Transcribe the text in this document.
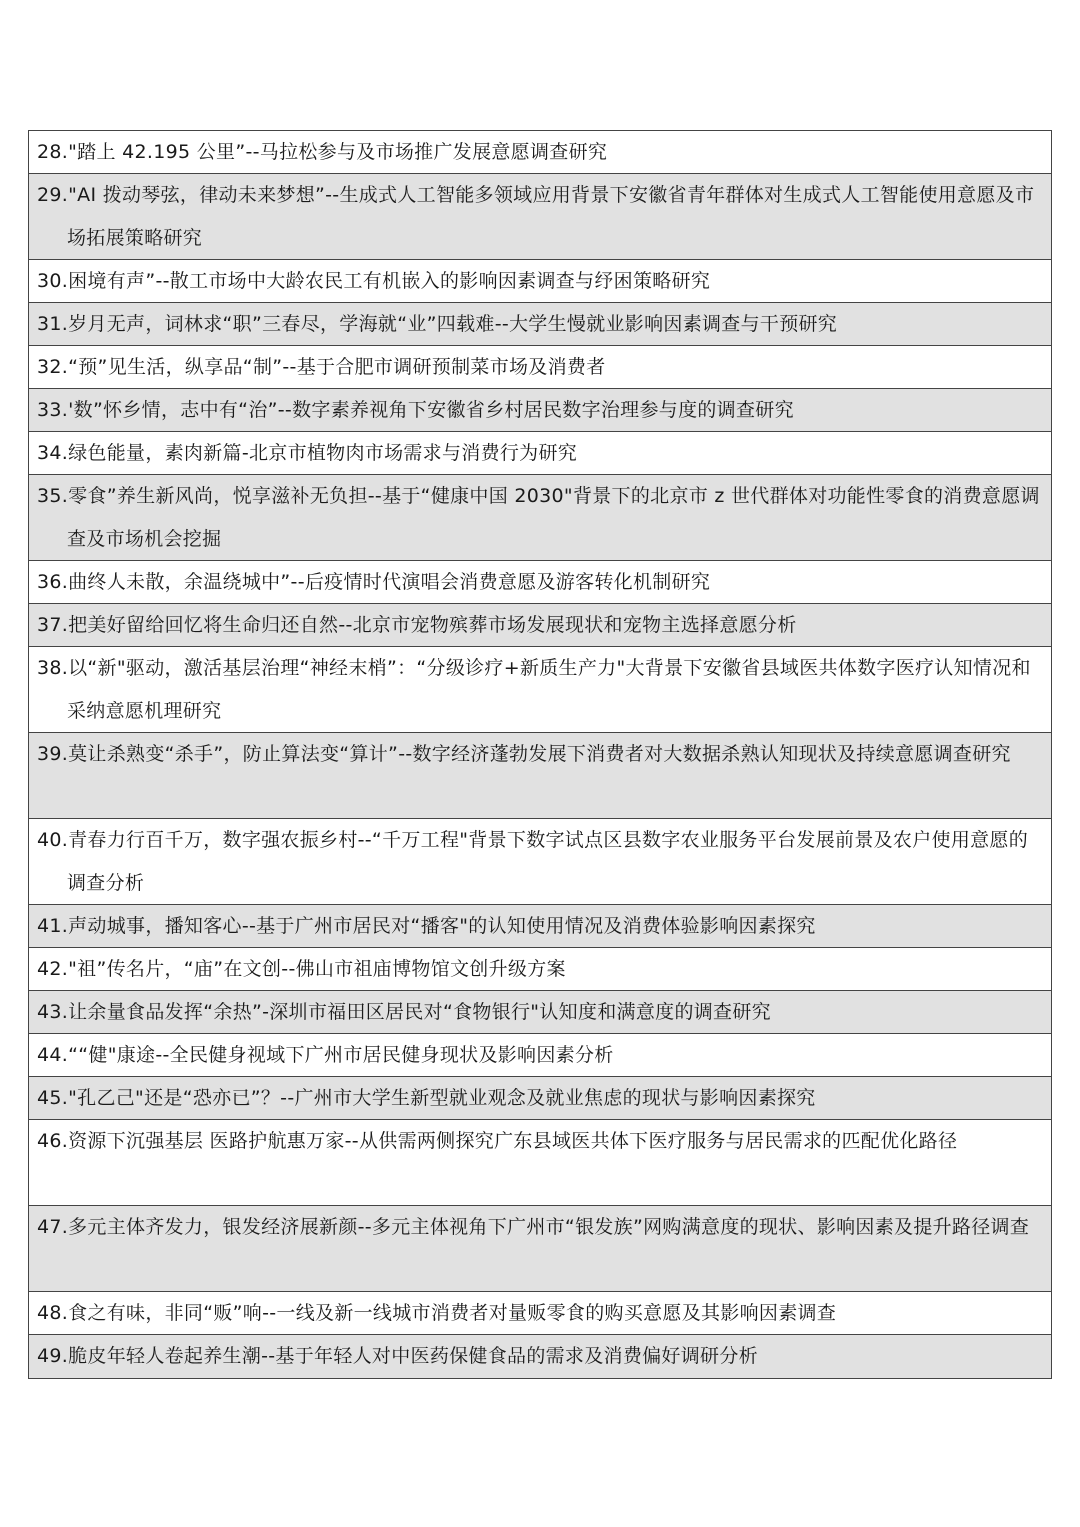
28."踏上 42.195 公里”--马拉松参与及市场推广发展意愿调查研究
29."AI 拨动琴弦，律动未来梦想”--生成式人工智能多领域应用背景下安徽省青年群体对生成式人工智能使用意愿及市场拓展策略研究
30.困境有声”--散工市场中大龄农民工有机嵌入的影响因素调查与纾困策略研究
31.岁月无声，词林求“职”三春尽，学海就“业”四载难--大学生慢就业影响因素调查与干预研究
32.“预”见生活，纵享品“制”--基于合肥市调研预制菜市场及消费者
33.'数”怀乡情，志中有“治”--数字素养视角下安徽省乡村居民数字治理参与度的调查研究
34.绿色能量，素肉新篇-北京市植物肉市场需求与消费行为研究
35.零食”养生新风尚，悦享滋补无负担--基于“健康中国 2030"背景下的北京市 z 世代群体对功能性零食的消费意愿调查及市场机会挖掘
36.曲终人未散，余温绕城中”--后疫情时代演唱会消费意愿及游客转化机制研究
37.把美好留给回忆将生命归还自然--北京市宠物殡葬市场发展现状和宠物主选择意愿分析
38.以“新"驱动，激活基层治理“神经末梢”：“分级诊疗+新质生产力"大背景下安徽省县域医共体数字医疗认知情况和采纳意愿机理研究
39.莫让杀熟变“杀手”，防止算法变“算计”--数字经济蓬勃发展下消费者对大数据杀熟认知现状及持续意愿调查研究
40.青春力行百千万，数字强农振乡村--“千万工程"背景下数字试点区县数字农业服务平台发展前景及农户使用意愿的调查分析
41.声动城事，播知客心--基于广州市居民对“播客"的认知使用情况及消费体验影响因素探究
42."祖”传名片，“庙”在文创--佛山市祖庙博物馆文创升级方案
43.让余量食品发挥“余热”-深圳市福田区居民对“食物银行"认知度和满意度的调查研究
44.““健"康途--全民健身视域下广州市居民健身现状及影响因素分析
45."孔乙己"还是“恐亦已”？--广州市大学生新型就业观念及就业焦虑的现状与影响因素探究
46.资源下沉强基层 医路护航惠万家--从供需两侧探究广东县域医共体下医疗服务与居民需求的匹配优化路径
47.多元主体齐发力，银发经济展新颜--多元主体视角下广州市“银发族”网购满意度的现状、影响因素及提升路径调查
48.食之有味，非同“贩”响--一线及新一线城市消费者对量贩零食的购买意愿及其影响因素调查
49.脆皮年轻人卷起养生潮--基于年轻人对中医药保健食品的需求及消费偏好调研分析
